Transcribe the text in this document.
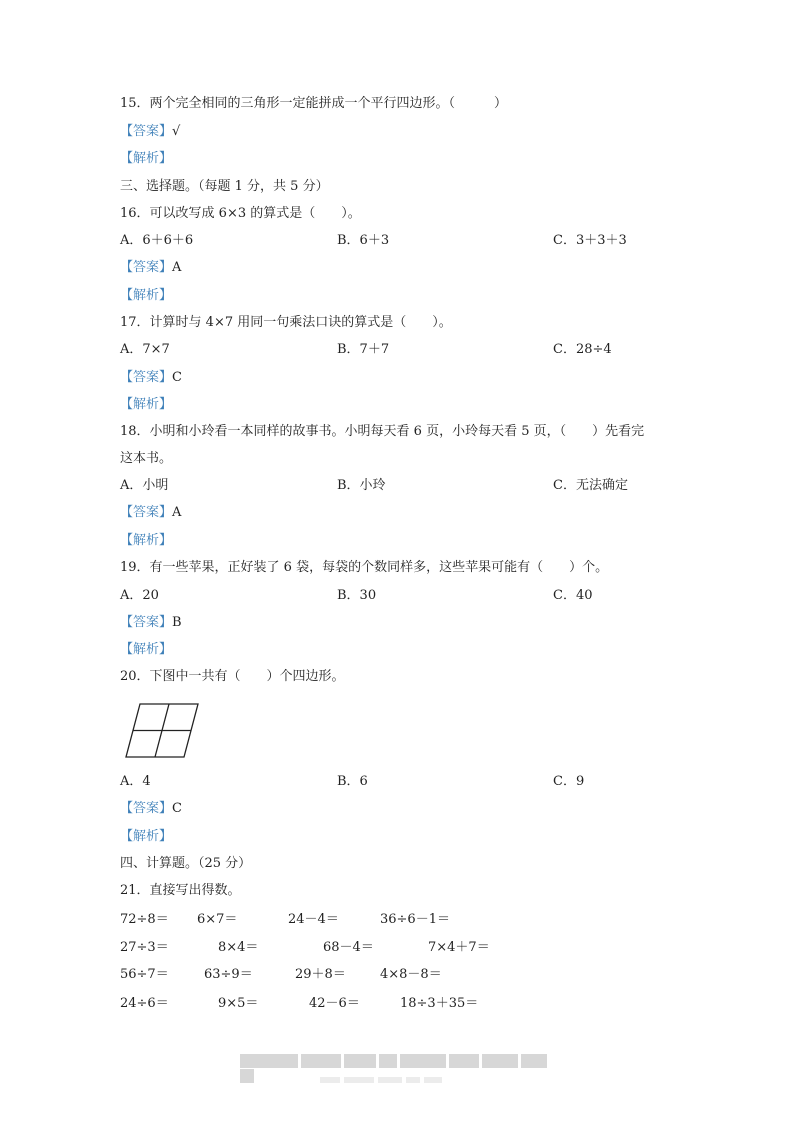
15．两个完全相同的三角形一定能拼成一个平行四边形。（　　　）
【答案】√
【解析】
三、选择题。（每题 1 分，共 5 分）
16．可以改写成 6×3 的算式是（　　）。
A．6＋6＋6	B．6＋3	C．3＋3＋3
【答案】A
【解析】
17．计算时与 4×7 用同一句乘法口诀的算式是（　　）。
A．7×7	B．7＋7	C．28÷4
【答案】C
【解析】
18．小明和小玲看一本同样的故事书。小明每天看 6 页，小玲每天看 5 页，（　　）先看完
这本书。
A．小明	B．小玲	C．无法确定
【答案】A
【解析】
19．有一些苹果，正好装了 6 袋，每袋的个数同样多，这些苹果可能有（　　）个。
A．20	B．30	C．40
【答案】B
【解析】
20．下图中一共有（　　）个四边形。
A．4	B．6	C．9
【答案】C
【解析】
四、计算题。（25 分）
21．直接写出得数。
72÷8＝ 6×7＝	24－4＝	36÷6－1＝
27÷3＝	8×4＝	68－4＝	7×4＋7＝
56÷7＝	63÷9＝	29＋8＝	4×8－8＝
24÷6＝	9×5＝	42－6＝	18÷3＋35＝
